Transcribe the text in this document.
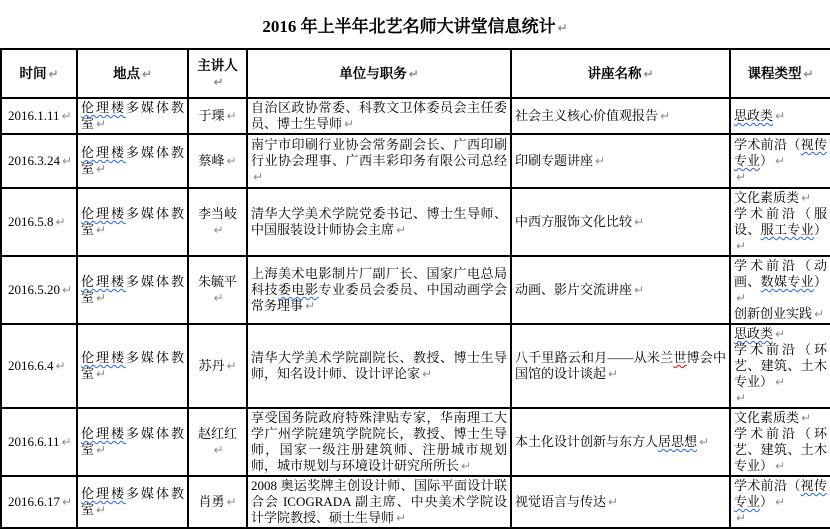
2016 年上半年北艺名师大讲堂信息统计 ↵
时间 ↵	地点 ↵	主讲人↵	单位与职务 ↵	讲座名称 ↵	课程类型 ↵

2016.1.11 ↵	伦理楼多媒体教室 ↵	于瑮 ↵	自治区政协常委、科教文卫体委员会主任委员、博士生导师 ↵	社会主义核心价值观报告 ↵	思政类 ↵

2016.3.24 ↵	伦理楼多媒体教室 ↵	蔡峰 ↵	南宁市印刷行业协会常务副会长、广西印刷行业协会理事、广西丰彩印务有限公司总经↵	印刷专题讲座 ↵	学术前沿（视传专业） ↵
↵

2016.5.8 ↵	伦理楼多媒体教室 ↵	李当岐↵	清华大学美术学院党委书记、博士生导师、中国服装设计师协会主席 ↵	中西方服饰文化比较 ↵	文化素质类 ↵
学术前沿（服设、服工专业）↵

2016.5.20 ↵	伦理楼多媒体教室 ↵	朱毓平↵	上海美术电影制片厂副厂长、国家广电总局科技委电影专业委员会委员、中国动画学会常务理事 ↵	动画、影片交流讲座 ↵	学术前沿（动画、数媒专业）↵
创新创业实践 ↵

2016.6.4 ↵	伦理楼多媒体教室 ↵	苏丹 ↵	清华大学美术学院副院长、教授、博士生导师，知名设计师、设计评论家 ↵	八千里路云和月——从米兰世博会中国馆的设计谈起 ↵	思政类 ↵
学术前沿（环艺、建筑、土木专业） ↵
↵

2016.6.11 ↵	伦理楼多媒体教室 ↵	赵红红↵	享受国务院政府特殊津贴专家，华南理工大学广州学院建筑学院院长，教授、博士生导师，国家一级注册建筑师、注册城市规划师，城市规划与环境设计研究所所长 ↵	本土化设计创新与东方人居思想 ↵	文化素质类 ↵
学术前沿（环艺、建筑、土木专业） ↵

2016.6.17 ↵	伦理楼多媒体教室 ↵	肖勇 ↵	2008 奥运奖牌主创设计师、国际平面设计联合会 ICOGRADA 副主席、中央美术学院设计学院教授、硕士生导师 ↵	视觉语言与传达 ↵	学术前沿（视传专业） ↵
↵
